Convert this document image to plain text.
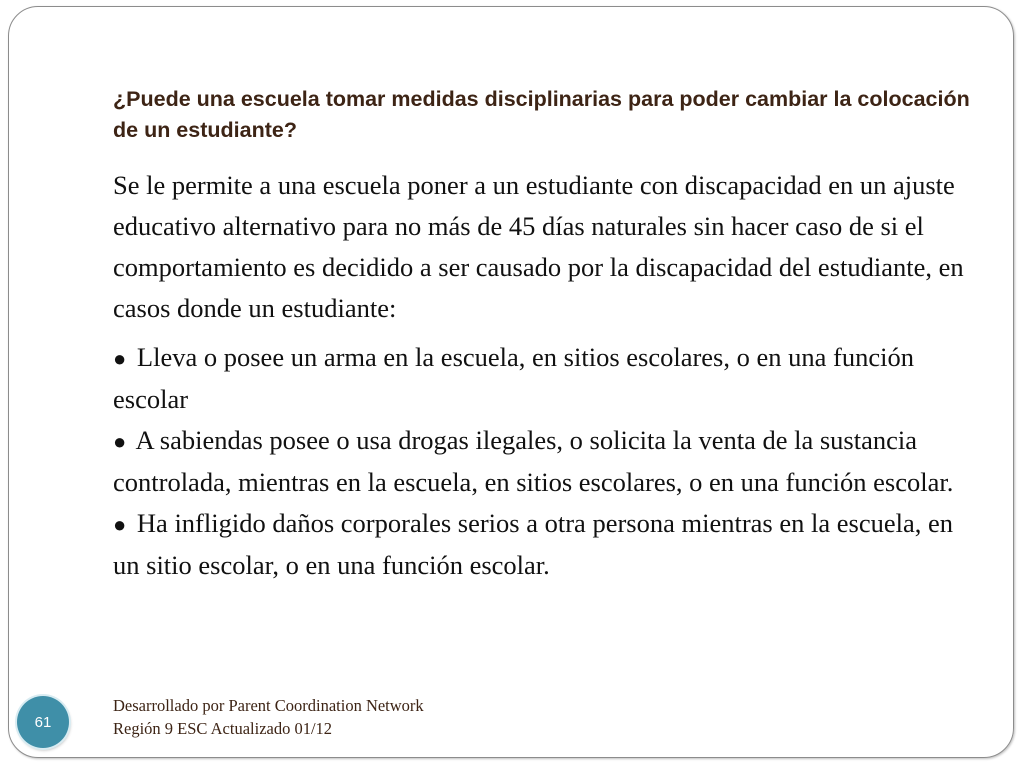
¿Puede una escuela tomar medidas disciplinarias para poder cambiar la colocación de un estudiante?

Se le permite a una escuela poner a un estudiante con discapacidad en un ajuste educativo alternativo para no más de 45 días naturales sin hacer caso de si el comportamiento es decidido a ser causado por la discapacidad del estudiante, en casos donde un estudiante:

● Lleva o posee un arma en la escuela, en sitios escolares, o en una función escolar

● A sabiendas posee o usa drogas ilegales, o solicita la venta de la sustancia controlada, mientras en la escuela, en sitios escolares, o en una función escolar.

● Ha infligido daños corporales serios a otra persona mientras en la escuela, en un sitio escolar, o en una función escolar.

61
Desarrollado por Parent Coordination Network
Región 9 ESC Actualizado 01/12
